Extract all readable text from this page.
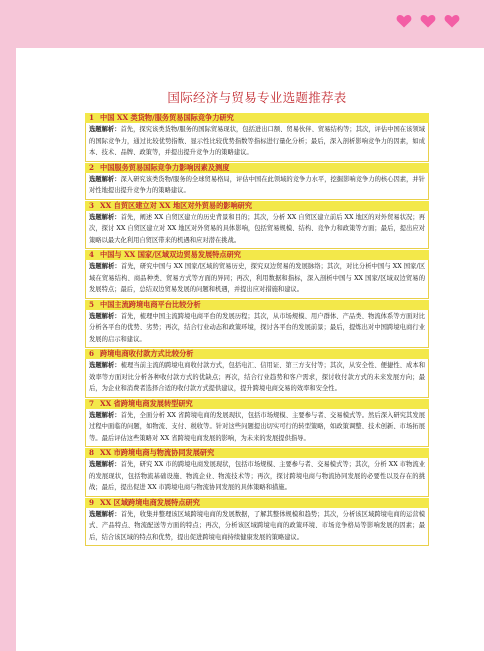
国际经济与贸易专业选题推荐表
1 中国 XX 类货物/服务贸易国际竞争力研究
选题解析：首先，探究该类货物/服务的国际贸易现状，包括进出口额、贸易伙伴、贸易结构等；其次，评估中国在该领域的国际竞争力，通过比较优势指数、显示性比较优势指数等指标进行量化分析；最后，深入剖析影响竞争力的因素，如成本、技术、品牌、政策等，并提出提升竞争力的策略建议。
2 中国服务贸易国际竞争力影响因素及测度
选题解析：深入研究该类货物/服务的全球贸易格局，评估中国在此领域的竞争力水平，挖掘影响竞争力的核心因素，并针对性地提出提升竞争力的策略建议。
3 XX 自贸区建立对 XX 地区对外贸易的影响研究
选题解析：首先，阐述 XX 自贸区建立的历史背景和目的；其次，分析 XX 自贸区建立前后 XX 地区的对外贸易状况；再次，探讨 XX 自贸区建立对 XX 地区对外贸易的具体影响，包括贸易规模、结构、竞争力和政策等方面；最后，提出应对策略以最大化利用自贸区带来的机遇和应对潜在挑战。
4 中国与 XX 国家/区域双边贸易发展特点研究
选题解析：首先，研究中国与 XX 国家/区域的贸易历史，探究双边贸易的发展脉络；其次，对比分析中国与 XX 国家/区域在贸易结构、商品种类、贸易方式等方面的异同；再次，利用数据和指标，深入剖析中国与 XX 国家/区域双边贸易的发展特点；最后，总结双边贸易发展的问题和机遇，并提出应对措施和建议。
5 中国主流跨境电商平台比较分析
选题解析：首先，梳理中国主流跨境电商平台的发展历程；其次，从市场规模、用户群体、产品类、物流体系等方面对比分析各平台的优势、劣势；再次，结合行业动态和政策环境，探讨各平台的发展前景；最后，提炼出对中国跨境电商行业发展的启示和建议。
6 跨境电商收付款方式比较分析
选题解析：梳理当前主流的跨境电商收付款方式，包括电汇、信用证、第三方支付等；其次，从安全性、便捷性、成本和效率等方面对比分析各种收付款方式的优缺点；再次，结合行业趋势和客户需求，探讨收付款方式的未来发展方向；最后，为企业和消费者选择合适的收付款方式提供建议，提升跨境电商交易的效率和安全性。
7 XX 省跨境电商发展转型研究
选题解析：首先，全面分析 XX 省跨境电商的发展现状，包括市场规模、主要参与者、交易模式等。然后深入研究其发展过程中面临的问题，如物流、支付、税收等。针对这些问题提出切实可行的转型策略，如政策调整、技术创新、市场拓展等。最后评估这些策略对 XX 省跨境电商发展的影响，为未来的发展提供指导。
8 XX 市跨境电商与物流协同发展研究
选题解析：首先，研究 XX 市的跨境电商发展现状，包括市场规模、主要参与者、交易模式等；其次，分析 XX 市物流业的发展现状，包括物流基础设施、物流企业、物流技术等；再次，探讨跨境电商与物流协同发展的必要性以及存在的挑战；最后，提出促进 XX 市跨境电商与物流协同发展的具体策略和措施。
9 XX 区域跨境电商发展特点研究
选题解析：首先，收集并整理该区域跨境电商的发展数据，了解其整体规模和趋势；其次，分析该区域跨境电商的运营模式、产品特点、物流配送等方面的特点；再次，分析该区域跨境电商的政策环境、市场竞争格局等影响发展的因素；最后，结合该区域的特点和优势，提出促进跨境电商持续健康发展的策略建议。
